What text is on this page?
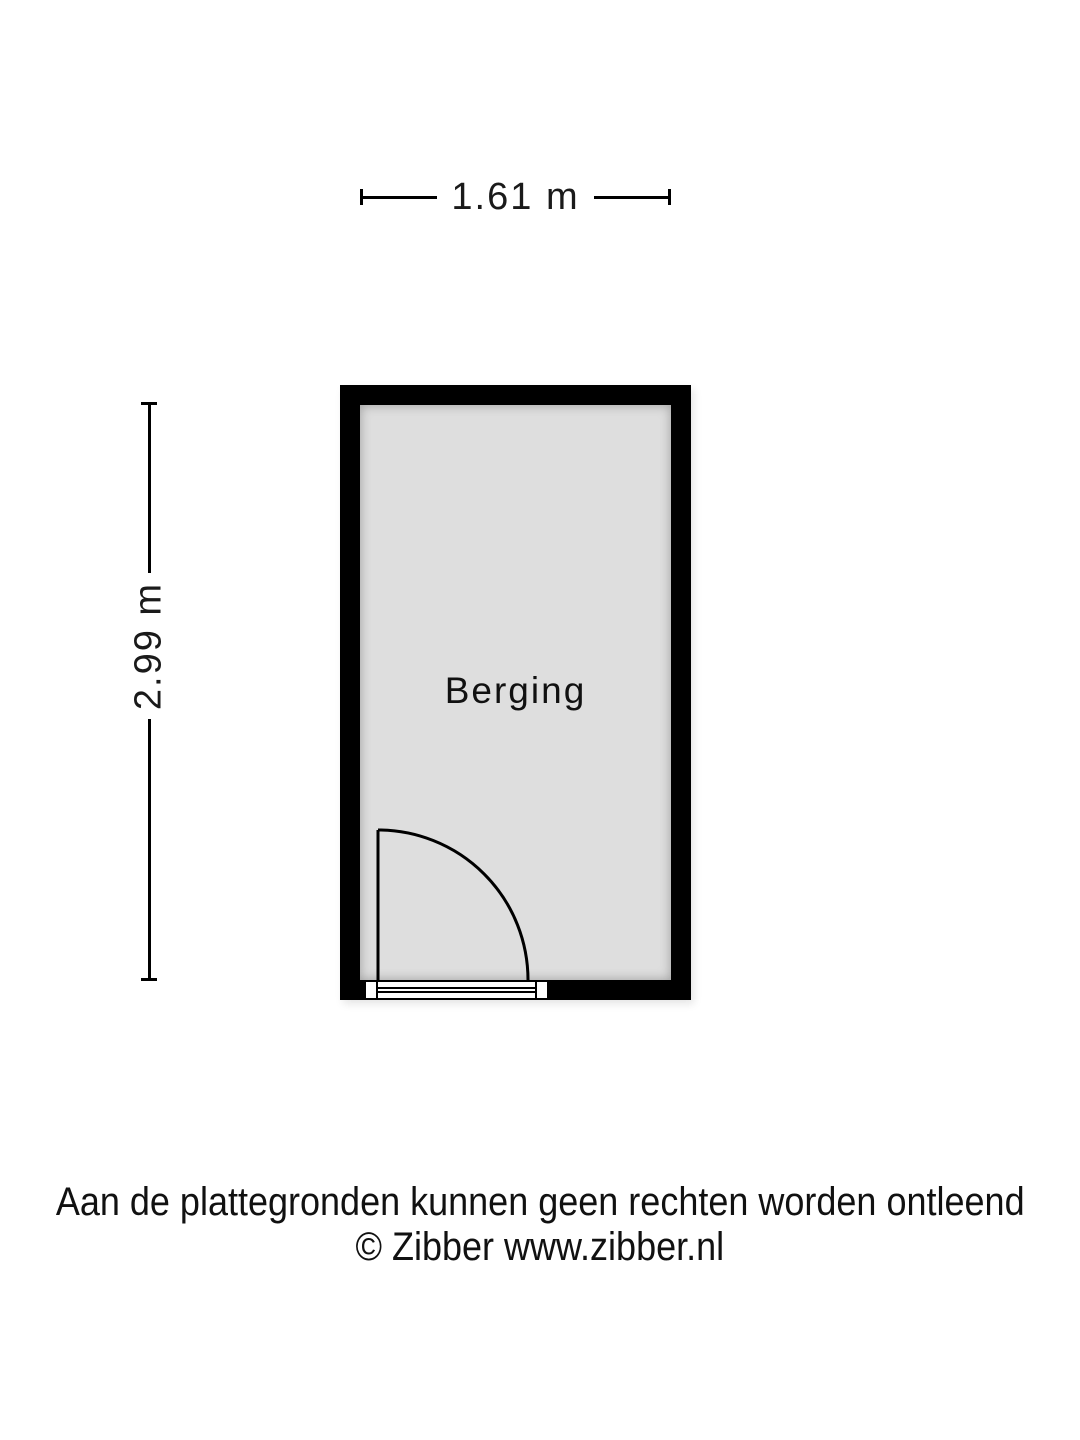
1.61 m
2.99 m	Berging
Aan de plattegronden kunnen geen rechten worden ontleend
© Zibber www.zibber.nl
